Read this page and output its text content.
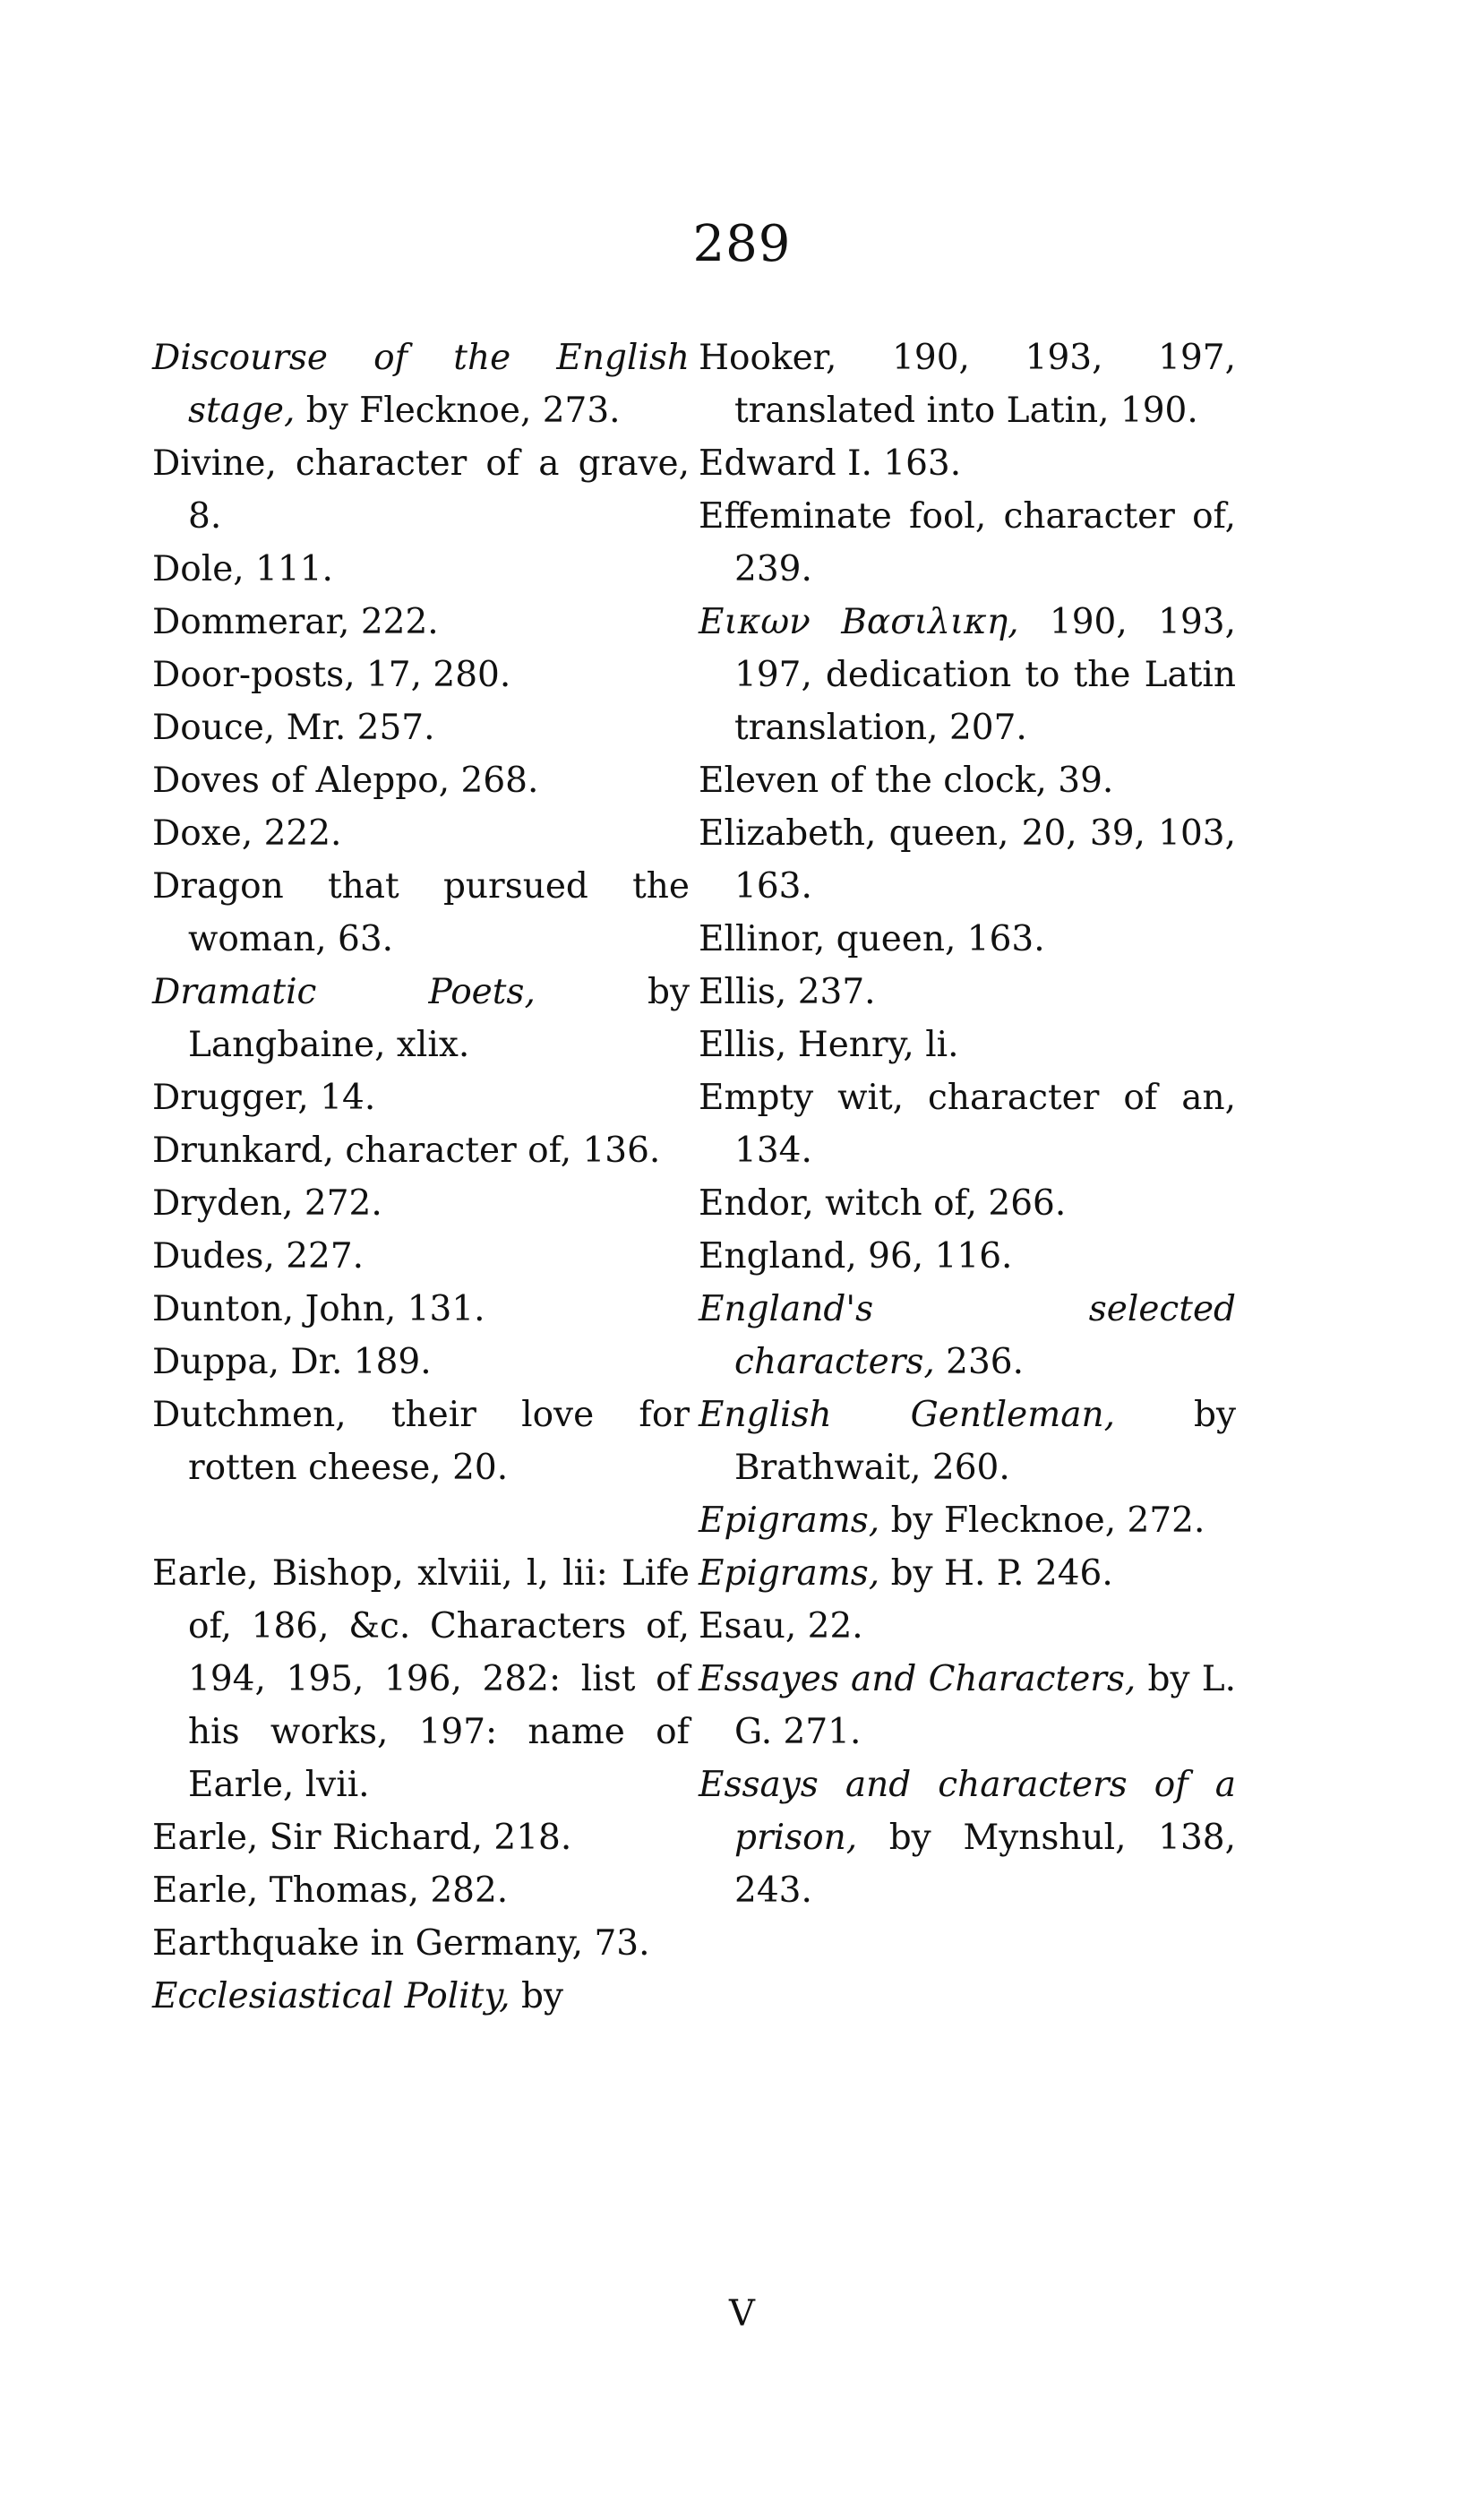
289
Discourse of the English stage, by Flecknoe, 273.
Divine, character of a grave, 8.
Dole, 111.
Dommerar, 222.
Door-posts, 17, 280.
Douce, Mr. 257.
Doves of Aleppo, 268.
Doxe, 222.
Dragon that pursued the woman, 63.
Dramatic Poets, by Langbaine, xlix.
Drugger, 14.
Drunkard, character of, 136.
Dryden, 272.
Dudes, 227.
Dunton, John, 131.
Duppa, Dr. 189.
Dutchmen, their love for rotten cheese, 20.
Earle, Bishop, xlviii, l, lii: Life of, 186, &c. Characters of, 194, 195, 196, 282: list of his works, 197: name of Earle, lvii.
Earle, Sir Richard, 218.
Earle, Thomas, 282.
Earthquake in Germany, 73.
Ecclesiastical Polity, by
Hooker, 190, 193, 197, translated into Latin, 190.
Edward I. 163.
Effeminate fool, character of, 239.
Εικων Βασιλικη, 190, 193, 197, dedication to the Latin translation, 207.
Eleven of the clock, 39.
Elizabeth, queen, 20, 39, 103, 163.
Ellinor, queen, 163.
Ellis, 237.
Ellis, Henry, li.
Empty wit, character of an, 134.
Endor, witch of, 266.
England, 96, 116.
England's selected characters, 236.
English Gentleman, by Brathwait, 260.
Epigrams, by Flecknoe, 272.
Epigrams, by H. P. 246.
Esau, 22.
Essayes and Characters, by L. G. 271.
Essays and characters of a prison, by Mynshul, 138, 243.
V
